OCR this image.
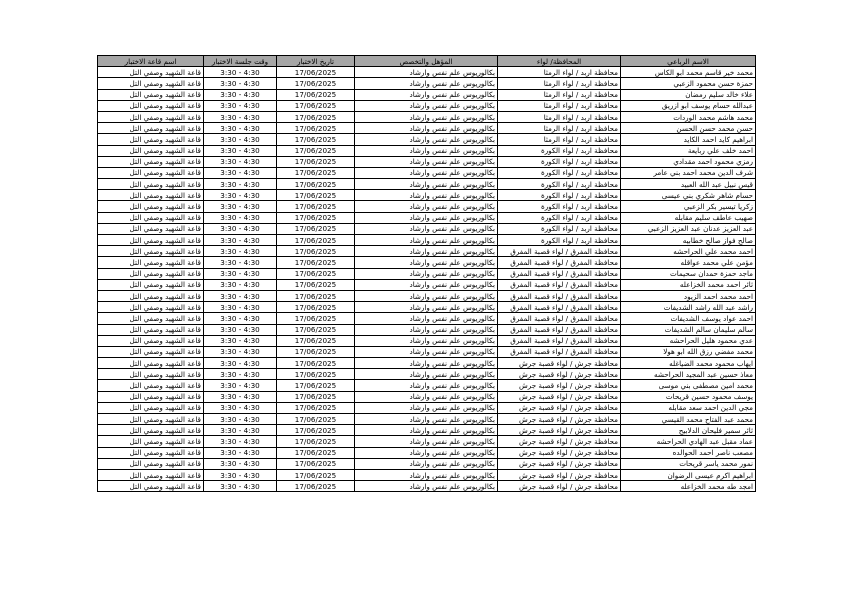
الاسم الرباعي	المحافظة/ لواء	المؤهل والتخصص	تاريخ الاختبار	وقت جلسة الاختبار	اسم قاعة الاختبار
محمد خير قاسم محمد ابو الكاس	محافظة اربد / لواء الرمثا	بكالوريوس علم نفس وارشاد	17/06/2025	3:30 - 4:30	قاعة الشهيد وصفي التل
حمزة حسن محمود الزعبي	محافظة اربد / لواء الرمثا	بكالوريوس علم نفس وارشاد	17/06/2025	3:30 - 4:30	قاعة الشهيد وصفي التل
علاء خالد سليم رمضان	محافظة اربد / لواء الرمثا	بكالوريوس علم نفس وارشاد	17/06/2025	3:30 - 4:30	قاعة الشهيد وصفي التل
عبدالله حسام يوسف ابو ازريق	محافظة اربد / لواء الرمثا	بكالوريوس علم نفس وارشاد	17/06/2025	3:30 - 4:30	قاعة الشهيد وصفي التل
محمد هاشم محمد الوردات	محافظة اربد / لواء الرمثا	بكالوريوس علم نفس وارشاد	17/06/2025	3:30 - 4:30	قاعة الشهيد وصفي التل
حسن محمد حسن الحسن	محافظة اربد / لواء الرمثا	بكالوريوس علم نفس وارشاد	17/06/2025	3:30 - 4:30	قاعة الشهيد وصفي التل
ابراهيم كايد احمد الكايد	محافظة اربد / لواء الرمثا	بكالوريوس علم نفس وارشاد	17/06/2025	3:30 - 4:30	قاعة الشهيد وصفي التل
احمد خلف علي ربايعة	محافظة اربد / لواء الكورة	بكالوريوس علم نفس وارشاد	17/06/2025	3:30 - 4:30	قاعة الشهيد وصفي التل
رمزي محمود احمد مقدادي	محافظة اربد / لواء الكورة	بكالوريوس علم نفس وارشاد	17/06/2025	3:30 - 4:30	قاعة الشهيد وصفي التل
شرف الدين محمد احمد بني عامر	محافظة اربد / لواء الكورة	بكالوريوس علم نفس وارشاد	17/06/2025	3:30 - 4:30	قاعة الشهيد وصفي التل
قيس نبيل عبد الله العبيد	محافظة اربد / لواء الكورة	بكالوريوس علم نفس وارشاد	17/06/2025	3:30 - 4:30	قاعة الشهيد وصفي التل
حسام شاهر شكري بني عيسى	محافظة اربد / لواء الكورة	بكالوريوس علم نفس وارشاد	17/06/2025	3:30 - 4:30	قاعة الشهيد وصفي التل
زكريا تيسير بكر الزعبي	محافظة اربد / لواء الكورة	بكالوريوس علم نفس وارشاد	17/06/2025	3:30 - 4:30	قاعة الشهيد وصفي التل
صهيب عاطف سليم مقابله	محافظة اربد / لواء الكورة	بكالوريوس علم نفس وارشاد	17/06/2025	3:30 - 4:30	قاعة الشهيد وصفي التل
عبد العزيز عدنان عبد العزيز الزعبي	محافظة اربد / لواء الكورة	بكالوريوس علم نفس وارشاد	17/06/2025	3:30 - 4:30	قاعة الشهيد وصفي التل
صالح فواز صالح خطابيه	محافظة اربد / لواء الكورة	بكالوريوس علم نفس وارشاد	17/06/2025	3:30 - 4:30	قاعة الشهيد وصفي التل
احمد محمد علي الحراحشه	محافظة المفرق / لواء قصبة المفرق	بكالوريوس علم نفس وارشاد	17/06/2025	3:30 - 4:30	قاعة الشهيد وصفي التل
مؤمن علي محمد عواقله	محافظة المفرق / لواء قصبة المفرق	بكالوريوس علم نفس وارشاد	17/06/2025	3:30 - 4:30	قاعة الشهيد وصفي التل
ماجد حمزة حمدان سحيمات	محافظة المفرق / لواء قصبة المفرق	بكالوريوس علم نفس وارشاد	17/06/2025	3:30 - 4:30	قاعة الشهيد وصفي التل
ثائر احمد محمد الخزاعله	محافظة المفرق / لواء قصبة المفرق	بكالوريوس علم نفس وارشاد	17/06/2025	3:30 - 4:30	قاعة الشهيد وصفي التل
احمد محمد احمد الزيود	محافظة المفرق / لواء قصبة المفرق	بكالوريوس علم نفس وارشاد	17/06/2025	3:30 - 4:30	قاعة الشهيد وصفي التل
راشد عبد الله راشد الشديفات	محافظة المفرق / لواء قصبة المفرق	بكالوريوس علم نفس وارشاد	17/06/2025	3:30 - 4:30	قاعة الشهيد وصفي التل
احمد عواد يوسف الشديفات	محافظة المفرق / لواء قصبة المفرق	بكالوريوس علم نفس وارشاد	17/06/2025	3:30 - 4:30	قاعة الشهيد وصفي التل
سالم سليمان سالم الشديفات	محافظة المفرق / لواء قصبة المفرق	بكالوريوس علم نفس وارشاد	17/06/2025	3:30 - 4:30	قاعة الشهيد وصفي التل
عدي محمود هليل الحراحشه	محافظة المفرق / لواء قصبة المفرق	بكالوريوس علم نفس وارشاد	17/06/2025	3:30 - 4:30	قاعة الشهيد وصفي التل
محمد مفضي رزق الله ابو هولا	محافظة المفرق / لواء قصبة المفرق	بكالوريوس علم نفس وارشاد	17/06/2025	3:30 - 4:30	قاعة الشهيد وصفي التل
ايهاب محمود محمد الضياغله	محافظة جرش / لواء قصبة جرش	بكالوريوس علم نفس وارشاد	17/06/2025	3:30 - 4:30	قاعة الشهيد وصفي التل
معاذ حسين عبد المجيد الحراحشه	محافظة جرش / لواء قصبة جرش	بكالوريوس علم نفس وارشاد	17/06/2025	3:30 - 4:30	قاعة الشهيد وصفي التل
محمد امين مصطفى بني موسى	محافظة جرش / لواء قصبة جرش	بكالوريوس علم نفس وارشاد	17/06/2025	3:30 - 4:30	قاعة الشهيد وصفي التل
يوسف محمود حسين قريحات	محافظة جرش / لواء قصبة جرش	بكالوريوس علم نفس وارشاد	17/06/2025	3:30 - 4:30	قاعة الشهيد وصفي التل
مجي الدين احمد سعد مقابله	محافظة جرش / لواء قصبة جرش	بكالوريوس علم نفس وارشاد	17/06/2025	3:30 - 4:30	قاعة الشهيد وصفي التل
محمد عبد الفتاح محمد القيسي	محافظة جرش / لواء قصبة جرش	بكالوريوس علم نفس وارشاد	17/06/2025	3:30 - 4:30	قاعة الشهيد وصفي التل
ثائر سمير فليحان الدلابيح	محافظة جرش / لواء قصبة جرش	بكالوريوس علم نفس وارشاد	17/06/2025	3:30 - 4:30	قاعة الشهيد وصفي التل
عماد مقبل عبد الهادي الحراحشه	محافظة جرش / لواء قصبة جرش	بكالوريوس علم نفس وارشاد	17/06/2025	3:30 - 4:30	قاعة الشهيد وصفي التل
مصعب ناصر احمد الحوالده	محافظة جرش / لواء قصبة جرش	بكالوريوس علم نفس وارشاد	17/06/2025	3:30 - 4:30	قاعة الشهيد وصفي التل
نمور محمد ياسر قريحات	محافظة جرش / لواء قصبة جرش	بكالوريوس علم نفس وارشاد	17/06/2025	3:30 - 4:30	قاعة الشهيد وصفي التل
ابراهيم اكرم عيسى الرضوان	محافظة جرش / لواء قصبة جرش	بكالوريوس علم نفس وارشاد	17/06/2025	3:30 - 4:30	قاعة الشهيد وصفي التل
امجد طه محمد الخزاعله	محافظة جرش / لواء قصبة جرش	بكالوريوس علم نفس وارشاد	17/06/2025	3:30 - 4:30	قاعة الشهيد وصفي التل
